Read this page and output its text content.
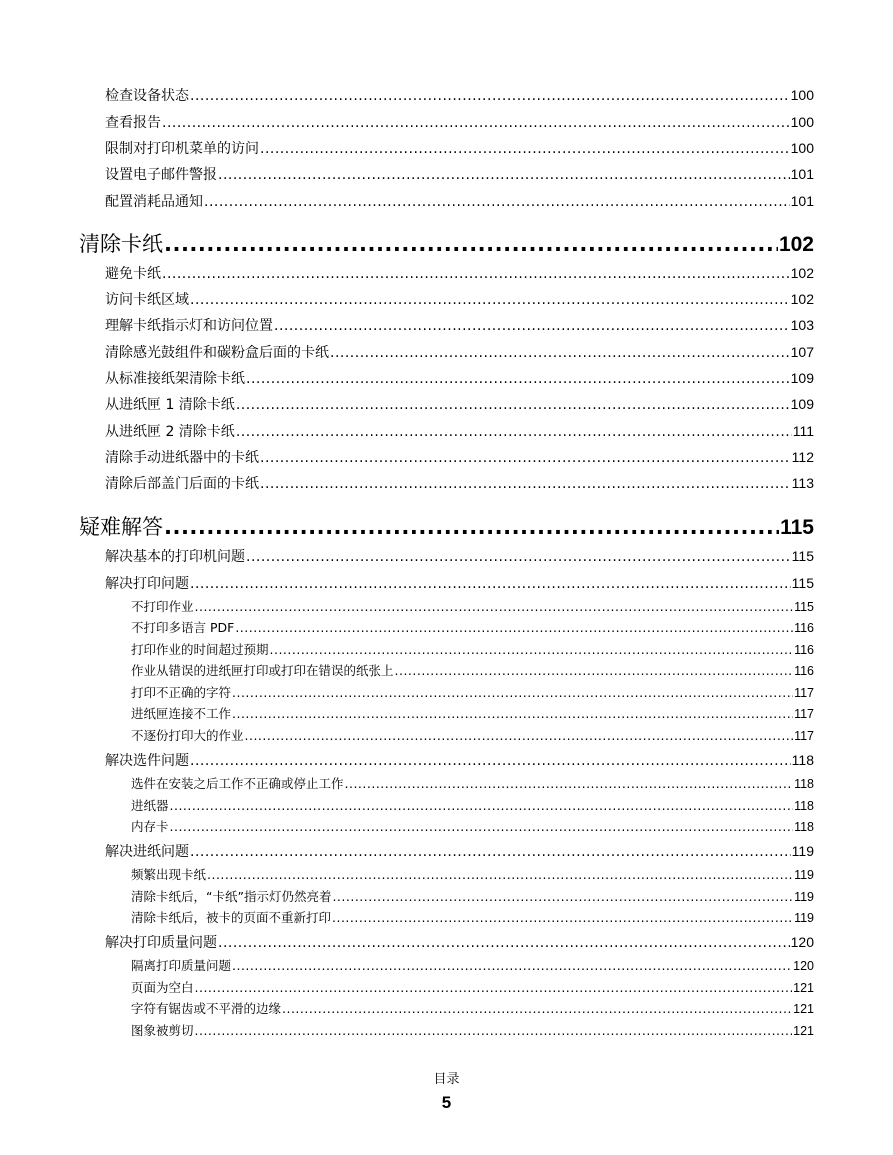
检查设备状态 .....	100
查看报告 .....	100
限制对打印机菜单的访问 .....	100
设置电子邮件警报 .....	101
配置消耗品通知 .....	101
清除卡纸 .....	102
避免卡纸 .....	102
访问卡纸区域 .....	102
理解卡纸指示灯和访问位置 .....	103
清除感光鼓组件和碳粉盒后面的卡纸 .....	107
从标准接纸架清除卡纸 .....	109
从进纸匣 1 清除卡纸 .....	109
从进纸匣 2 清除卡纸 .....	111
清除手动进纸器中的卡纸 .....	112
清除后部盖门后面的卡纸 .....	113
疑难解答 .....	115
解决基本的打印机问题 .....	115
解决打印问题 .....	115
不打印作业 .....	115
不打印多语言 PDF .....	116
打印作业的时间超过预期 .....	116
作业从错误的进纸匣打印或打印在错误的纸张上 .....	116
打印不正确的字符 .....	117
进纸匣连接不工作 .....	117
不逐份打印大的作业 .....	117
解决选件问题 .....	118
选件在安装之后工作不正确或停止工作 .....	118
进纸器 .....	118
内存卡 .....	118
解决进纸问题 .....	119
频繁出现卡纸 .....	119
清除卡纸后，“卡纸”指示灯仍然亮着 .....	119
清除卡纸后，被卡的页面不重新打印 .....	119
解决打印质量问题 .....	120
隔离打印质量问题 .....	120
页面为空白 .....	121
字符有锯齿或不平滑的边缘 .....	121
图象被剪切 .....	121
目录
5
